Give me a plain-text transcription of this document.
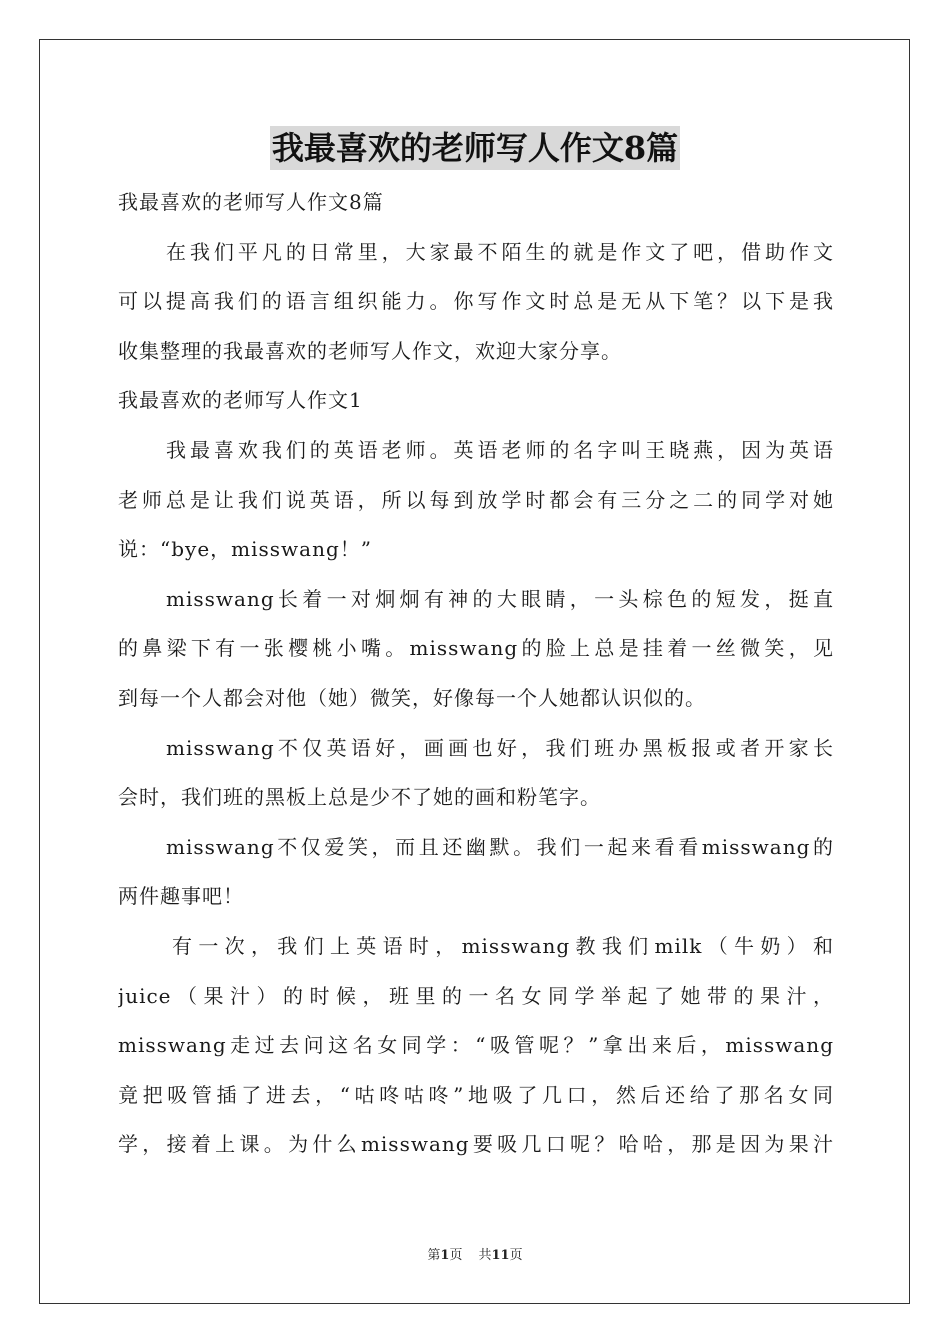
我最喜欢的老师写人作文8篇
我最喜欢的老师写人作文8篇
在我们平凡的日常里，大家最不陌生的就是作文了吧，借助作文
可以提高我们的语言组织能力。你写作文时总是无从下笔？以下是我
收集整理的我最喜欢的老师写人作文，欢迎大家分享。
我最喜欢的老师写人作文1
我最喜欢我们的英语老师。英语老师的名字叫王晓燕，因为英语
老师总是让我们说英语，所以每到放学时都会有三分之二的同学对她
说：“bye，misswang！”
misswang长着一对炯炯有神的大眼睛，一头棕色的短发，挺直
的鼻梁下有一张樱桃小嘴。misswang的脸上总是挂着一丝微笑，见
到每一个人都会对他（她）微笑，好像每一个人她都认识似的。
misswang不仅英语好，画画也好，我们班办黑板报或者开家长
会时，我们班的黑板上总是少不了她的画和粉笔字。
misswang不仅爱笑，而且还幽默。我们一起来看看misswang的
两件趣事吧！
有一次，我们上英语时，misswang教我们milk（牛奶）和
juice（果汁）的时候，班里的一名女同学举起了她带的果汁，
misswang走过去问这名女同学：“吸管呢？”拿出来后，misswang
竟把吸管插了进去，“咕咚咕咚”地吸了几口，然后还给了那名女同
学，接着上课。为什么misswang要吸几口呢？哈哈，那是因为果汁
第1页 共11页
